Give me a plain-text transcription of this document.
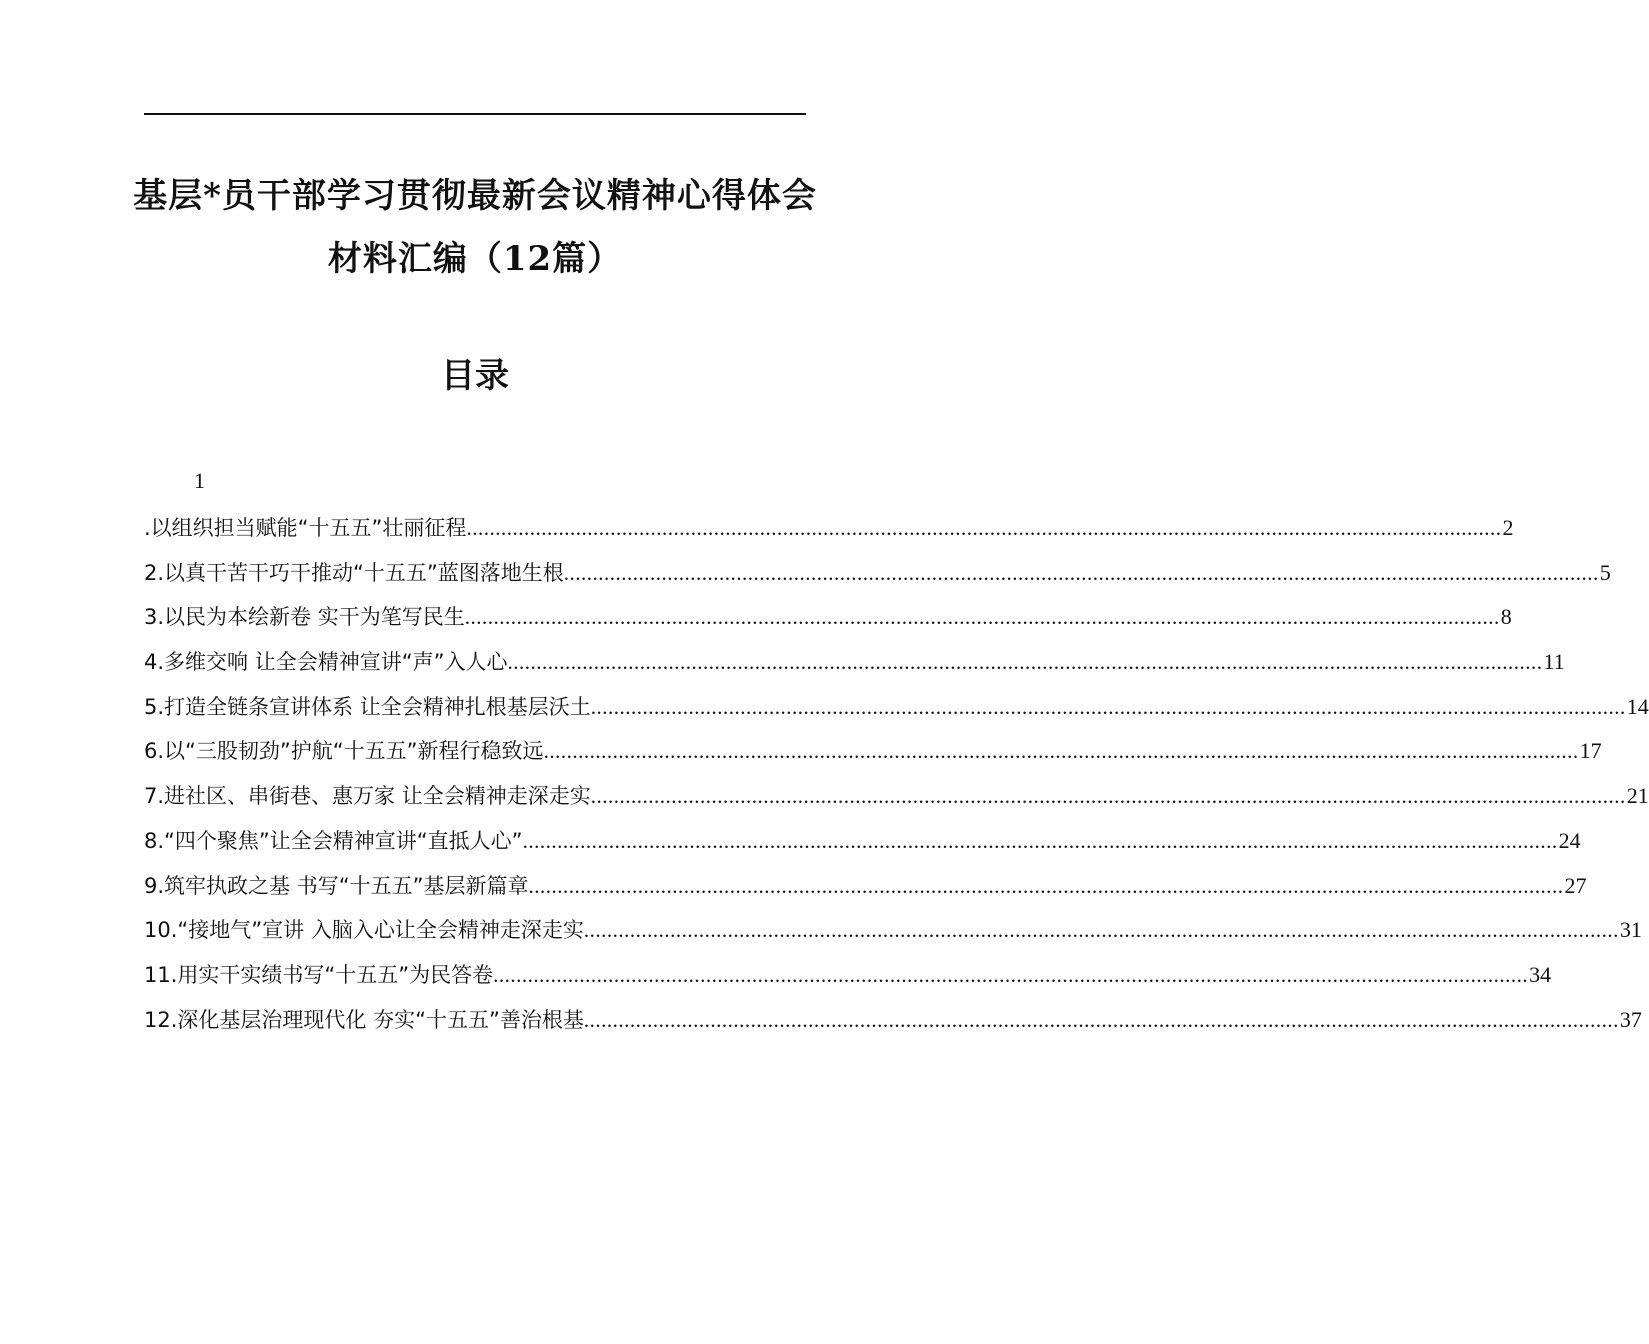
基层*员干部学习贯彻最新会议精神心得体会材料汇编（12篇）
目录
1
.以组织担当赋能“十五五”壮丽征程 .....	2
2.以真干苦干巧干推动“十五五”蓝图落地生根 .....	5
3.以民为本绘新卷 实干为笔写民生 .....	8
4.多维交响 让全会精神宣讲“声”入人心 .....	11
5.打造全链条宣讲体系 让全会精神扎根基层沃土 .....	14
6.以“三股韧劲”护航“十五五”新程行稳致远 .....	17
7.进社区、串街巷、惠万家 让全会精神走深走实 .....	21
8.“四个聚焦”让全会精神宣讲“直抵人心” .....	24
9.筑牢执政之基 书写“十五五”基层新篇章 .....	27
10.“接地气”宣讲 入脑入心让全会精神走深走实 .....	31
11.用实干实绩书写“十五五”为民答卷 .....	34
12.深化基层治理现代化 夯实“十五五”善治根基 .....	37
